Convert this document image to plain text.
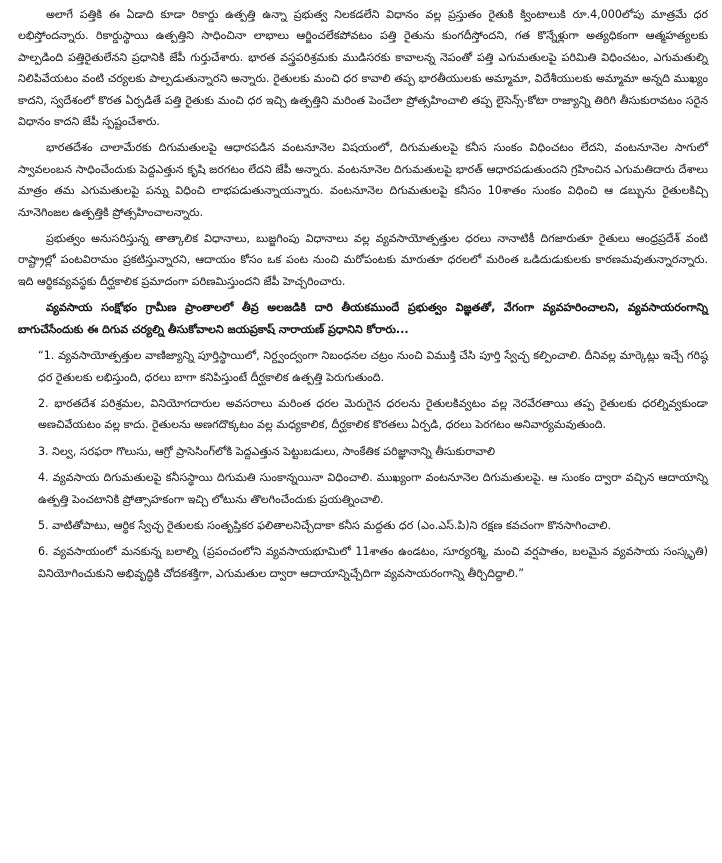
అలాగే పత్తికి ఈ ఏడాది కూడా రికార్డు ఉత్పత్తి ఉన్నా ప్రభుత్వ నిలకడలేని విధానం వల్ల ప్రస్తుతం రైతుకి క్వింటాలుకి రూ.4,000లోపు మాత్రమే ధర లభిస్తోందన్నారు. రికార్డుస్థాయి ఉత్పత్తిని సాధించినా లాభాలు ఆర్జించలేకపోవటం పత్తి రైతును కుంగదీస్తోందని, గత కొన్నేళ్లుగా అత్యధికంగా ఆత్మహత్యలకు పాల్పడింది పత్తిరైతులేనని ప్రధానికి జేపీ గుర్తుచేశారు. భారత వస్త్రపరిశ్రమకు ముడిసరకు కావాలన్న నెపంతో పత్తి ఎగుమతులపై పరిమితి విధించటం, ఎగుమతుల్ని నిలిపివేయటం వంటి చర్యలకు పాల్పడుతున్నారని అన్నారు. రైతులకు మంచి ధర కావాలి తప్ప భారతీయులకు అమ్మామా, విదేశీయులకు అమ్మామా అన్నది ముఖ్యం కాదని, స్వదేశంలో కొరత ఏర్పడితే పత్తి రైతుకు మంచి ధర ఇచ్చి ఉత్పత్తిని మరింత పెంచేలా ప్రోత్సహించాలి తప్ప లైసెన్స్-కోటా రాజ్యాన్ని తిరిగి తీసుకురావటం సరైన విధానం కాదని జేపీ స్పష్టంచేశారు.

భారతదేశం చాలామేరకు దిగుమతులపై ఆధారపడిన వంటనూనెల విషయంలో, దిగుమతులపై కనీస సుంకం విధించటం లేదని, వంటనూనెల సాగులో స్వావలంబన సాధించేందుకు పెద్దఎత్తున కృషి జరగటం లేదని జేపీ అన్నారు. వంటనూనెల దిగుమతులపై భారత్ ఆధారపడుతుందని గ్రహించిన ఎగుమతిదారు దేశాలు మాత్రం తమ ఎగుమతులపై పన్ను విధించి లాభపడుతున్నాయన్నారు. వంటనూనెల దిగుమతులపై కనీసం 10శాతం సుంకం విధించి ఆ డబ్బును రైతులకిచ్చి నూనెగింజల ఉత్పత్తికి ప్రోత్సహించాలన్నారు.

ప్రభుత్వం అనుసరిస్తున్న తాత్కాలిక విధానాలు, బుజ్జగింపు విధానాలు వల్ల వ్యవసాయోత్పత్తుల ధరలు నానాటికీ దిగజారుతూ రైతులు ఆంధ్రప్రదేశ్ వంటి రాష్ట్రాల్లో పంటవిరామం ప్రకటిస్తున్నారని, ఆదాయం కోసం ఒక పంట నుంచి మరోపంటకు మారుతూ ధరలలో మరింత ఒడిదుడుకులకు కారణమవుతున్నారన్నారు. ఇది ఆర్థికవ్యవస్థకు దీర్ఘకాలిక ప్రమాదంగా పరిణమిస్తుందని జేపీ హెచ్చరించారు.

వ్యవసాయ సంక్షోభం గ్రామీణ ప్రాంతాలలో తీవ్ర అలజడికి దారి తీయకముందే ప్రభుత్వం విజ్ఞతతో, వేగంగా వ్యవహరించాలని, వ్యవసాయరంగాన్ని బాగుచేసేందుకు ఈ దిగువ చర్యల్ని తీసుకోవాలని జయప్రకాష్ నారాయణ్ ప్రధానిని కోరారు...

“1. వ్యవసాయోత్పత్తుల వాణిజ్యాన్ని పూర్తిస్థాయిలో, నిర్ద్వంద్వంగా నిబంధనల చట్రం నుంచి విముక్తి చేసి పూర్తి స్వేచ్ఛ కల్పించాలి. దీనివల్ల మార్కెట్లు ఇచ్చే గరిష్ఠ ధర రైతులకు లభిస్తుంది, ధరలు బాగా కనిపిస్తుంటే దీర్ఘకాలిక ఉత్పత్తి పెరుగుతుంది.

2. భారతదేశ పరిశ్రమల, వినియోగదారుల అవసరాలు మరింత ధరల మెరుగైన ధరలను రైతులకివ్వటం వల్ల నెరవేరతాయి తప్ప రైతులకు ధరల్నివ్వకుండా అణచివేయటం వల్ల కాదు. రైతులను అణగదొక్కటం వల్ల మధ్యకాలిక, దీర్ఘకాలిక కొరతలు ఏర్పడి, ధరలు పెరగటం అనివార్యమవుతుంది.

3. నిల్వ, సరఫరా గొలుసు, ఆగ్రో ప్రాసెసింగ్‌లోకి పెద్దఎత్తున పెట్టుబడులు, సాంకేతిక పరిజ్ఞానాన్ని తీసుకురావాలి

4. వ్యవసాయ దిగుమతులపై కనీసస్థాయి దిగుమతి సుంకాన్నయినా విధించాలి. ముఖ్యంగా వంటనూనెల దిగుమతులపై. ఆ సుంకం ద్వారా వచ్చిన ఆదాయాన్ని ఉత్పత్తి పెంచటానికి ప్రోత్సాహకంగా ఇచ్చి లోటును తొలగించేందుకు ప్రయత్నించాలి.

5. వాటితోపాటు, ఆర్థిక స్వేచ్ఛ రైతులకు సంతృప్తికర ఫలితాలనిచ్చేదాకా కనీస మద్దతు ధర (ఎం.ఎస్.పి)ని రక్షణ కవచంగా కొనసాగించాలి.

6. వ్యవసాయంలో మనకున్న బలాల్ని (ప్రపంచంలోని వ్యవసాయభూమిలో 11శాతం ఉండటం, సూర్యరశ్మి, మంచి వర్షపాతం, బలమైన వ్యవసాయ సంస్కృతి) వినియోగించుకుని అభివృద్ధికి చోదకశక్తిగా, ఎగుమతుల ద్వారా ఆదాయాన్నిచ్చేదిగా వ్యవసాయరంగాన్ని తీర్చిదిద్దాలి.”
